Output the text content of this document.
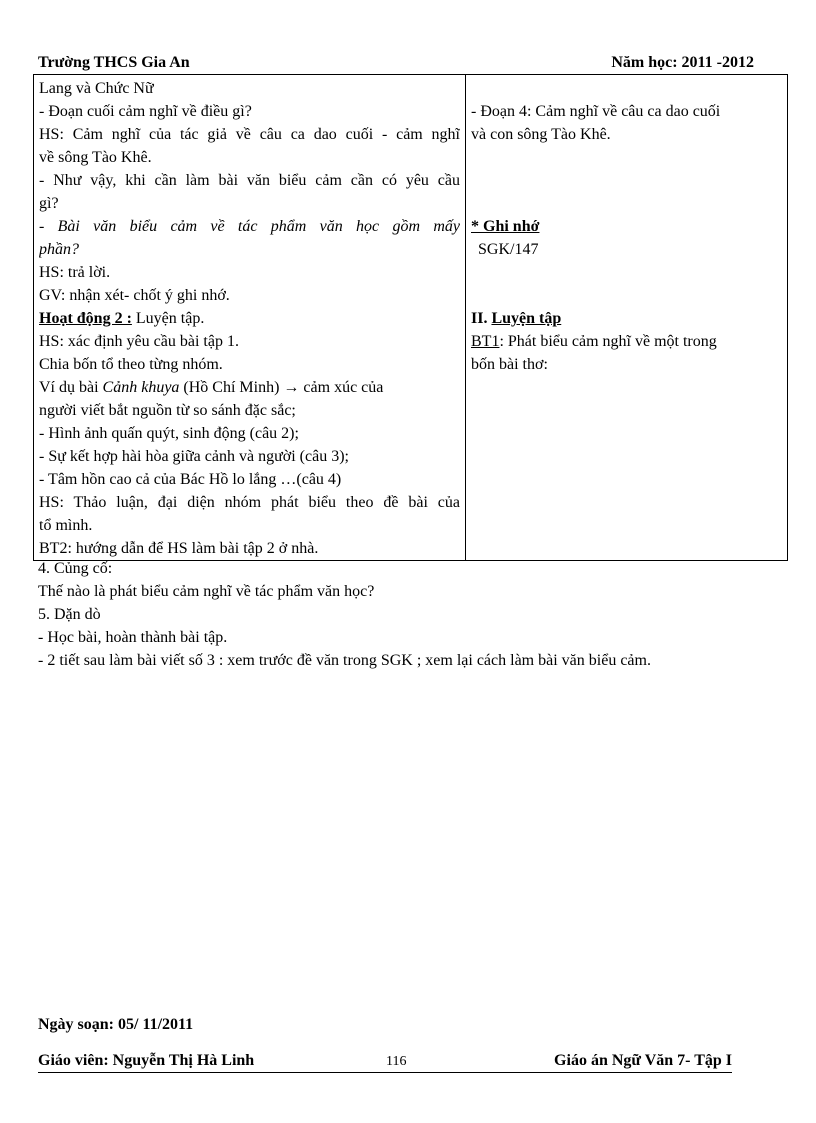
Trường THCS Gia An	Năm học: 2011 -2012
Lang và Chức Nữ
- Đoạn cuối cảm nghĩ về điều gì?
HS: Cảm nghĩ của tác giả về câu ca dao cuối - cảm nghĩ
về sông Tào Khê.
- Như vậy, khi cần làm bài văn biểu cảm cần có yêu cầu
gì?
- Bài văn biểu cảm về tác phẩm văn học gồm mấy
phần?
HS: trả lời.
GV: nhận xét- chốt ý ghi nhớ.
Hoạt động 2 : Luyện tập.
HS: xác định yêu cầu bài tập 1.
Chia bốn tổ theo từng nhóm.
Ví dụ bài Cảnh khuya (Hồ Chí Minh) → cảm xúc của
người viết bắt nguồn từ so sánh đặc sắc;
- Hình ảnh quấn quýt, sinh động (câu 2);
- Sự kết hợp hài hòa giữa cảnh và người (câu 3);
- Tâm hồn cao cả của Bác Hồ lo lắng …(câu 4)
HS: Thảo luận, đại diện nhóm phát biểu theo đề bài của
tổ mình.
BT2: hướng dẫn để HS làm bài tập 2 ở nhà.

- Đoạn 4: Cảm nghĩ về câu ca dao cuối
và con sông Tào Khê.
* Ghi nhớ
SGK/147
II. Luyện tập
BT1: Phát biểu cảm nghĩ về một trong
bốn bài thơ:
4. Củng cố:
Thế nào là phát biểu cảm nghĩ về tác phẩm văn học?
5. Dặn dò
- Học bài, hoàn thành bài tập.
- 2 tiết sau làm bài viết số 3 : xem trước đề văn trong SGK ; xem lại cách làm bài văn biểu cảm.
Ngày soạn: 05/ 11/2011
Giáo viên: Nguyễn Thị Hà Linh	116	Giáo án Ngữ Văn 7- Tập I
